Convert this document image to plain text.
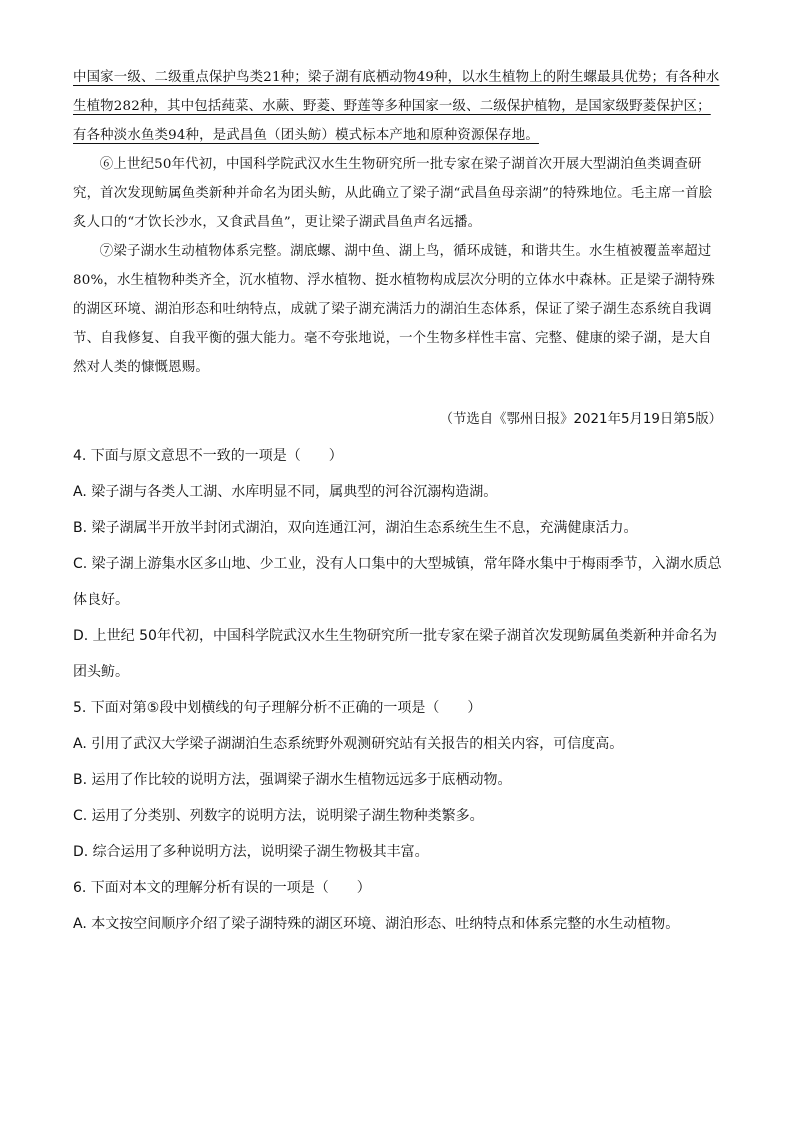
中国家一级、二级重点保护鸟类21种；梁子湖有底栖动物49种，以水生植物上的附生螺最具优势；有各种水生植物282种，其中包括莼菜、水蕨、野菱、野莲等多种国家一级、二级保护植物，是国家级野菱保护区；有各种淡水鱼类94种，是武昌鱼（团头鲂）模式标本产地和原种资源保存地。

⑥上世纪50年代初，中国科学院武汉水生生物研究所一批专家在梁子湖首次开展大型湖泊鱼类调查研究，首次发现鲂属鱼类新种并命名为团头鲂，从此确立了梁子湖“武昌鱼母亲湖”的特殊地位。毛主席一首脍炙人口的“才饮长沙水，又食武昌鱼”，更让梁子湖武昌鱼声名远播。

⑦梁子湖水生动植物体系完整。湖底螺、湖中鱼、湖上鸟，循环成链，和谐共生。水生植被覆盖率超过80%，水生植物种类齐全，沉水植物、浮水植物、挺水植物构成层次分明的立体水中森林。正是梁子湖特殊的湖区环境、湖泊形态和吐纳特点，成就了梁子湖充满活力的湖泊生态体系，保证了梁子湖生态系统自我调节、自我修复、自我平衡的强大能力。毫不夸张地说，一个生物多样性丰富、完整、健康的梁子湖，是大自然对人类的慷慨恩赐。

（节选自《鄂州日报》2021年5月19日第5版）

4. 下面与原文意思不一致的一项是（　　）

A. 梁子湖与各类人工湖、水库明显不同，属典型的河谷沉溺构造湖。

B. 梁子湖属半开放半封闭式湖泊，双向连通江河，湖泊生态系统生生不息，充满健康活力。

C. 梁子湖上游集水区多山地、少工业，没有人口集中的大型城镇，常年降水集中于梅雨季节，入湖水质总体良好。

D. 上世纪 50年代初，中国科学院武汉水生生物研究所一批专家在梁子湖首次发现鲂属鱼类新种并命名为团头鲂。

5. 下面对第⑤段中划横线的句子理解分析不正确的一项是（　　）

A. 引用了武汉大学梁子湖湖泊生态系统野外观测研究站有关报告的相关内容，可信度高。

B. 运用了作比较的说明方法，强调梁子湖水生植物远远多于底栖动物。

C. 运用了分类别、列数字的说明方法，说明梁子湖生物种类繁多。

D. 综合运用了多种说明方法，说明梁子湖生物极其丰富。

6. 下面对本文的理解分析有误的一项是（　　）

A. 本文按空间顺序介绍了梁子湖特殊的湖区环境、湖泊形态、吐纳特点和体系完整的水生动植物。
